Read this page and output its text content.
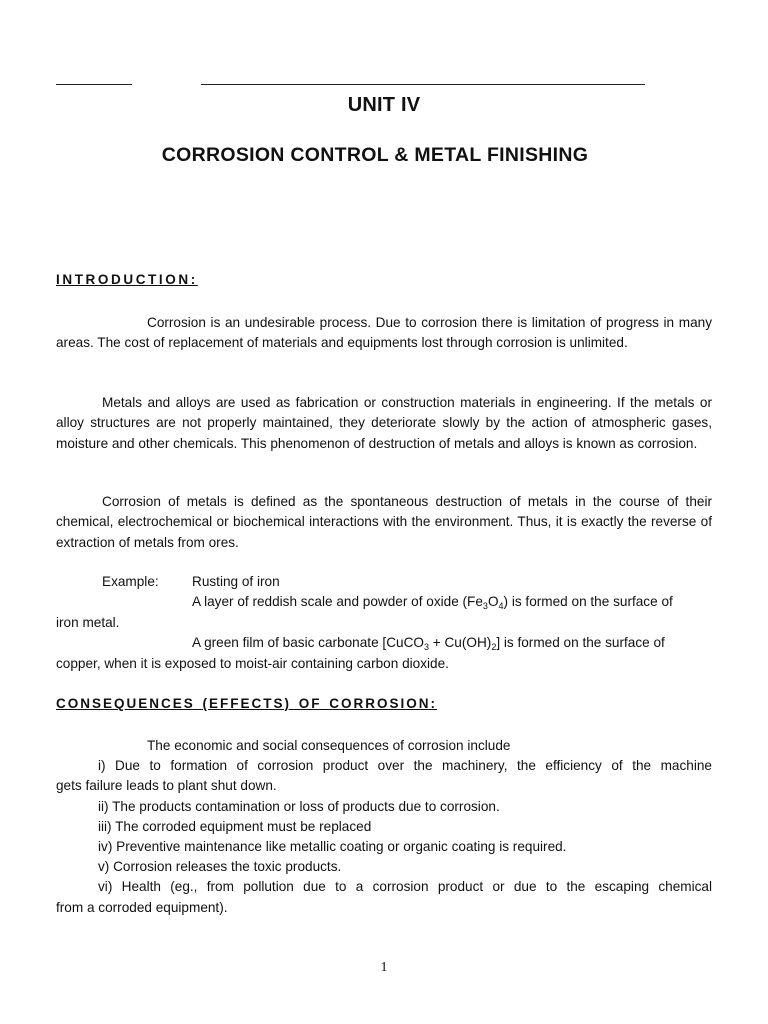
UNIT IV
CORROSION CONTROL & METAL FINISHING
INTRODUCTION:

Corrosion is an undesirable process. Due to corrosion there is limitation of progress in many areas. The cost of replacement of materials and equipments lost through corrosion is unlimited.

Metals and alloys are used as fabrication or construction materials in engineering. If the metals or alloy structures are not properly maintained, they deteriorate slowly by the action of atmospheric gases, moisture and other chemicals. This phenomenon of destruction of metals and alloys is known as corrosion.

Corrosion of metals is defined as the spontaneous destruction of metals in the course of their chemical, electrochemical or biochemical interactions with the environment. Thus, it is exactly the reverse of extraction of metals from ores.

Example: Rusting of iron
A layer of reddish scale and powder of oxide $(Fe_3O_4)$ is formed on the surface of
iron metal.
A green film of basic carbonate [CuCO$_3$ + $Cu(OH)_2$] is formed on the surface of
copper, when it is exposed to moist-air containing carbon dioxide.
CONSEQUENCES (EFFECTS) OF CORROSION:
The economic and social consequences of corrosion include
i) Due to formation of corrosion product over the machinery, the efficiency of the machine
gets failure leads to plant shut down.
ii) The products contamination or loss of products due to corrosion.
iii) The corroded equipment must be replaced
iv) Preventive maintenance like metallic coating or organic coating is required.
v) Corrosion releases the toxic products.
vi) Health (eg., from pollution due to a corrosion product or due to the escaping chemical
from a corroded equipment).
1
